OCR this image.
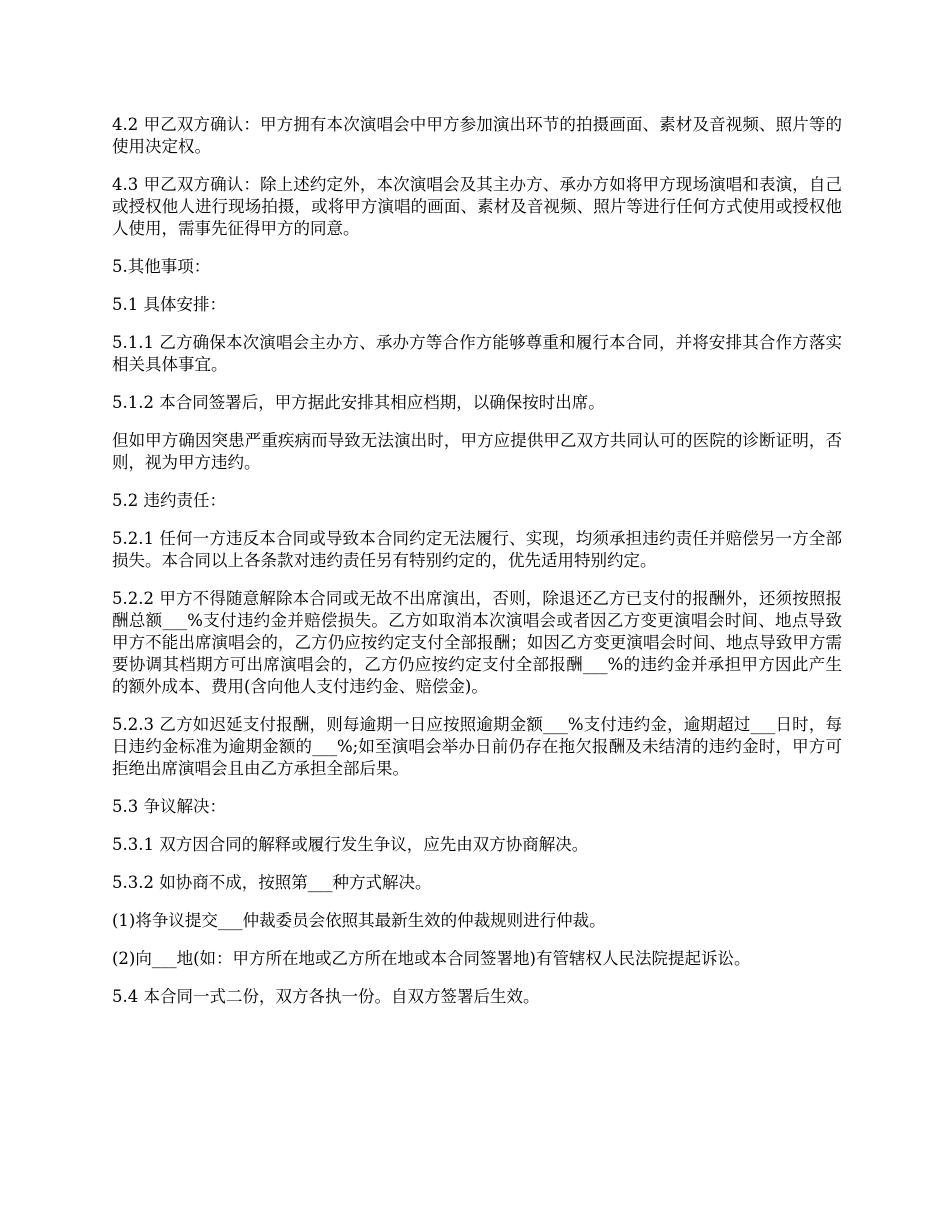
4.2 甲乙双方确认：甲方拥有本次演唱会中甲方参加演出环节的拍摄画面、素材及音视频、照片等的使用决定权。

4.3 甲乙双方确认：除上述约定外，本次演唱会及其主办方、承办方如将甲方现场演唱和表演，自己或授权他人进行现场拍摄，或将甲方演唱的画面、素材及音视频、照片等进行任何方式使用或授权他人使用，需事先征得甲方的同意。

5.其他事项：

5.1 具体安排：

5.1.1 乙方确保本次演唱会主办方、承办方等合作方能够尊重和履行本合同，并将安排其合作方落实相关具体事宜。

5.1.2 本合同签署后，甲方据此安排其相应档期，以确保按时出席。

但如甲方确因突患严重疾病而导致无法演出时，甲方应提供甲乙双方共同认可的医院的诊断证明，否则，视为甲方违约。

5.2 违约责任：

5.2.1 任何一方违反本合同或导致本合同约定无法履行、实现，均须承担违约责任并赔偿另一方全部损失。本合同以上各条款对违约责任另有特别约定的，优先适用特别约定。

5.2.2 甲方不得随意解除本合同或无故不出席演出，否则，除退还乙方已支付的报酬外，还须按照报酬总额___%支付违约金并赔偿损失。乙方如取消本次演唱会或者因乙方变更演唱会时间、地点导致甲方不能出席演唱会的，乙方仍应按约定支付全部报酬；如因乙方变更演唱会时间、地点导致甲方需要协调其档期方可出席演唱会的，乙方仍应按约定支付全部报酬___%的违约金并承担甲方因此产生的额外成本、费用(含向他人支付违约金、赔偿金)。

5.2.3 乙方如迟延支付报酬，则每逾期一日应按照逾期金额___%支付违约金，逾期超过___日时，每日违约金标准为逾期金额的___%;如至演唱会举办日前仍存在拖欠报酬及未结清的违约金时，甲方可拒绝出席演唱会且由乙方承担全部后果。

5.3 争议解决：

5.3.1 双方因合同的解释或履行发生争议，应先由双方协商解决。

5.3.2 如协商不成，按照第___种方式解决。

(1)将争议提交___仲裁委员会依照其最新生效的仲裁规则进行仲裁。

(2)向___地(如：甲方所在地或乙方所在地或本合同签署地)有管辖权人民法院提起诉讼。

5.4 本合同一式二份，双方各执一份。自双方签署后生效。
